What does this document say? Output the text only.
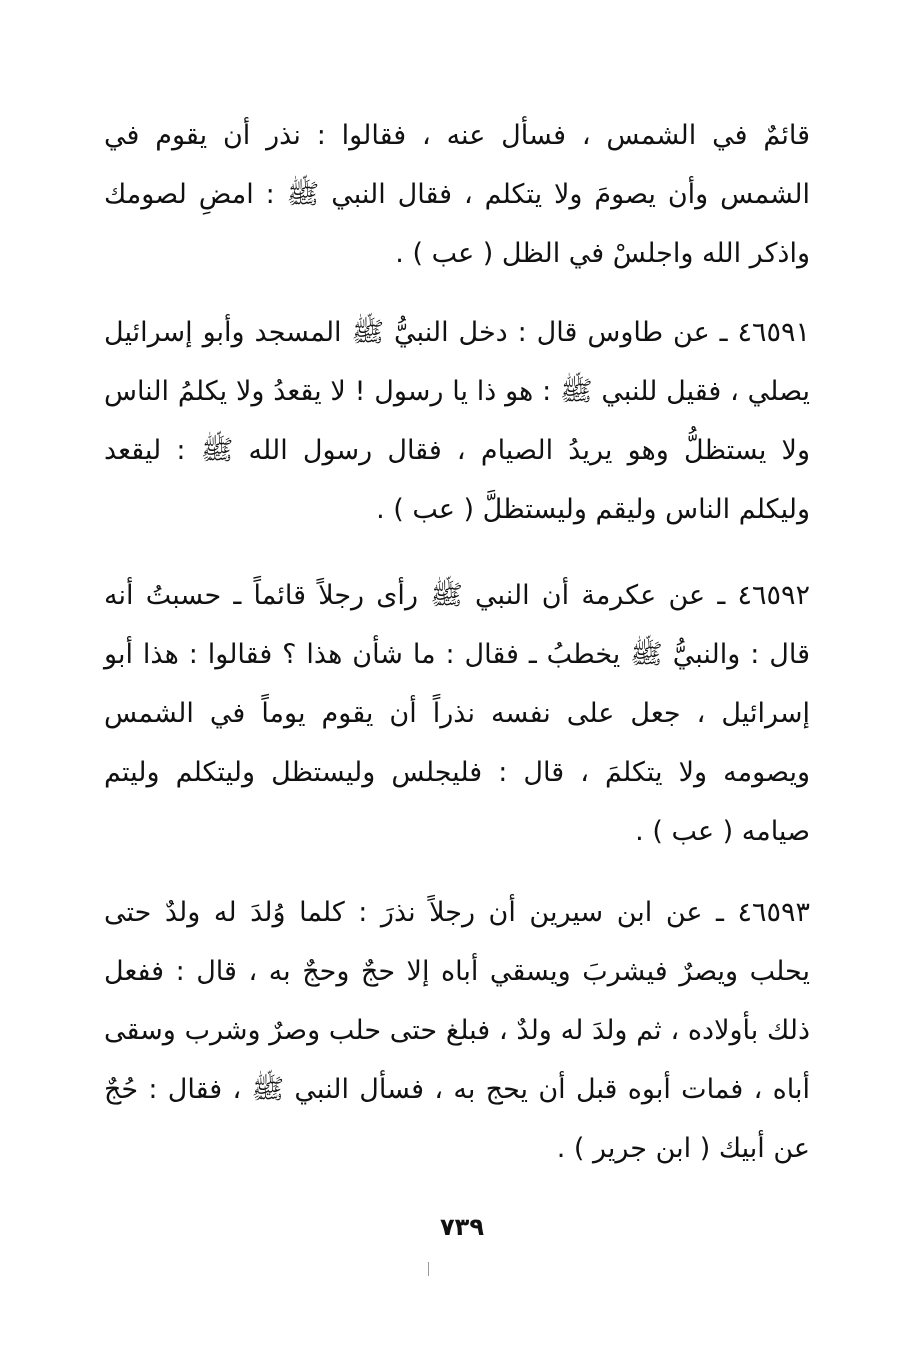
قائمٌ في الشمس ، فسأل عنه ، فقالوا : نذر أن يقوم في الشمس وأن يصومَ ولا يتكلم ، فقال النبي ﷺ : امضِ لصومك واذكر الله واجلسْ في الظل ( عب ) .

٤٦٥٩١ ـ عن طاوس قال : دخل النبيُّ ﷺ المسجد وأبو إسرائيل يصلي ، فقيل للنبي ﷺ : هو ذا يا رسول ! لا يقعدُ ولا يكلمُ الناس ولا يستظلُّ وهو يريدُ الصيام ، فقال رسول الله ﷺ : ليقعد وليكلم الناس وليقم وليستظلَّ ( عب ) .

٤٦٥٩٢ ـ عن عكرمة أن النبي ﷺ رأى رجلاً قائماً ـ حسبتُ أنه قال : والنبيُّ ﷺ يخطبُ ـ فقال : ما شأن هذا ؟ فقالوا : هذا أبو إسرائيل ، جعل على نفسه نذراً أن يقوم يوماً في الشمس ويصومه ولا يتكلمَ ، قال : فليجلس وليستظل وليتكلم وليتم صيامه ( عب ) .

٤٦٥٩٣ ـ عن ابن سيرين أن رجلاً نذرَ : كلما وُلدَ له ولدٌ حتى يحلب ويصرٌ فيشربَ ويسقي أباه إلا حجٌ وحجٌ به ، قال : ففعل ذلك بأولاده ، ثم ولدَ له ولدٌ ، فبلغ حتى حلب وصرٌ وشرب وسقى أباه ، فمات أبوه قبل أن يحج به ، فسأل النبي ﷺ ، فقال : حُجٌ عن أبيك ( ابن جرير ) .

٧٣٩
